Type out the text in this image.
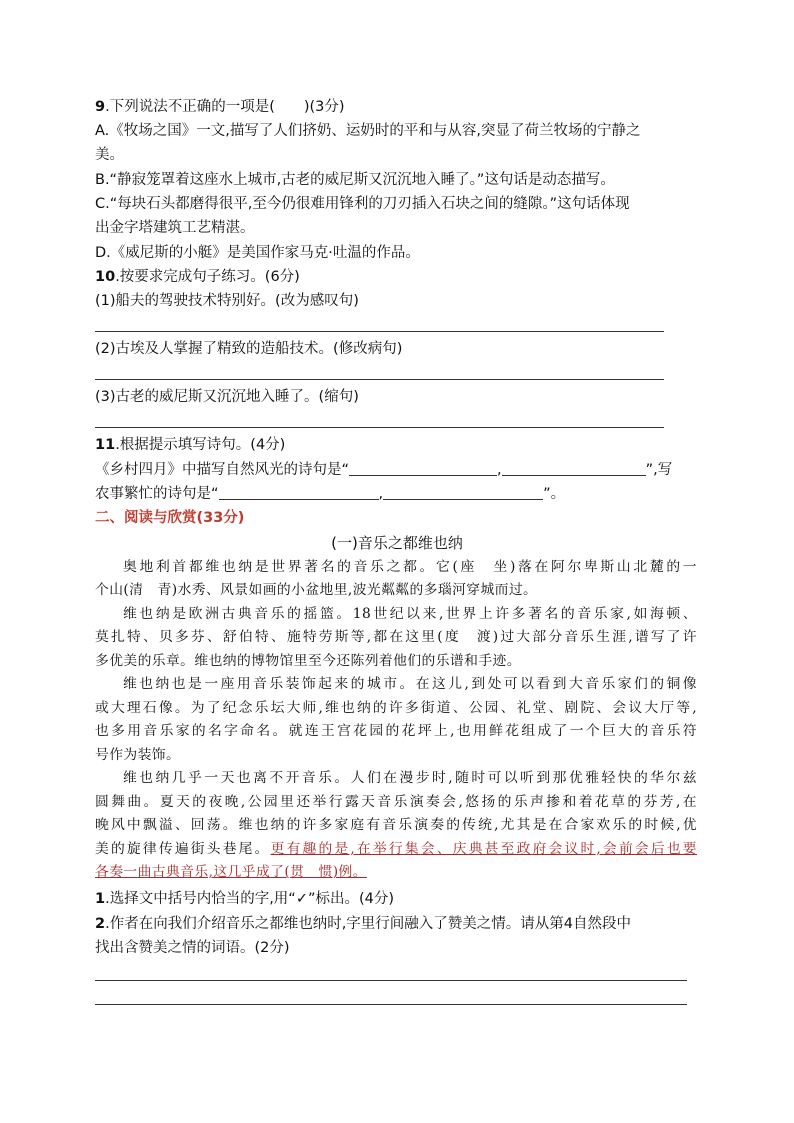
9.下列说法不正确的一项是(　　)(3分)
A.《牧场之国》一文,描写了人们挤奶、运奶时的平和与从容,突显了荷兰牧场的宁静之
美。
B.“静寂笼罩着这座水上城市,古老的威尼斯又沉沉地入睡了。”这句话是动态描写。
C.“每块石头都磨得很平,至今仍很难用锋利的刀刃插入石块之间的缝隙。”这句话体现
出金字塔建筑工艺精湛。
D.《威尼斯的小艇》是美国作家马克·吐温的作品。
10.按要求完成句子练习。(6分)
(1)船夫的驾驶技术特别好。(改为感叹句)
(2)古埃及人掌握了精致的造船技术。(修改病句)
(3)古老的威尼斯又沉沉地入睡了。(缩句)
11.根据提示填写诗句。(4分)
《乡村四月》中描写自然风光的诗句是“	,	”,写
农事繁忙的诗句是“	,	”。
二、阅读与欣赏(33分)
(一)音乐之都维也纳
奥地利首都维也纳是世界著名的音乐之都。它(座　坐)落在阿尔卑斯山北麓的一
个山(清　青)水秀、风景如画的小盆地里,波光粼粼的多瑙河穿城而过。
维也纳是欧洲古典音乐的摇篮。18世纪以来,世界上许多著名的音乐家,如海顿、
莫扎特、贝多芬、舒伯特、施特劳斯等,都在这里(度　渡)过大部分音乐生涯,谱写了许
多优美的乐章。维也纳的博物馆里至今还陈列着他们的乐谱和手迹。
维也纳也是一座用音乐装饰起来的城市。在这儿,到处可以看到大音乐家们的铜像
或大理石像。为了纪念乐坛大师,维也纳的许多街道、公园、礼堂、剧院、会议大厅等,
也多用音乐家的名字命名。就连王宫花园的花坪上,也用鲜花组成了一个巨大的音乐符
号作为装饰。
维也纳几乎一天也离不开音乐。人们在漫步时,随时可以听到那优雅轻快的华尔兹
圆舞曲。夏天的夜晚,公园里还举行露天音乐演奏会,悠扬的乐声掺和着花草的芬芳,在
晚风中飘溢、回荡。维也纳的许多家庭有音乐演奏的传统,尤其是在合家欢乐的时候,优
美的旋律传遍街头巷尾。更有趣的是,在举行集会、庆典甚至政府会议时,会前会后也要
各奏一曲古典音乐,这几乎成了(贯　惯)例。
1.选择文中括号内恰当的字,用“✓”标出。(4分)
2.作者在向我们介绍音乐之都维也纳时,字里行间融入了赞美之情。请从第4自然段中
找出含赞美之情的词语。(2分)
